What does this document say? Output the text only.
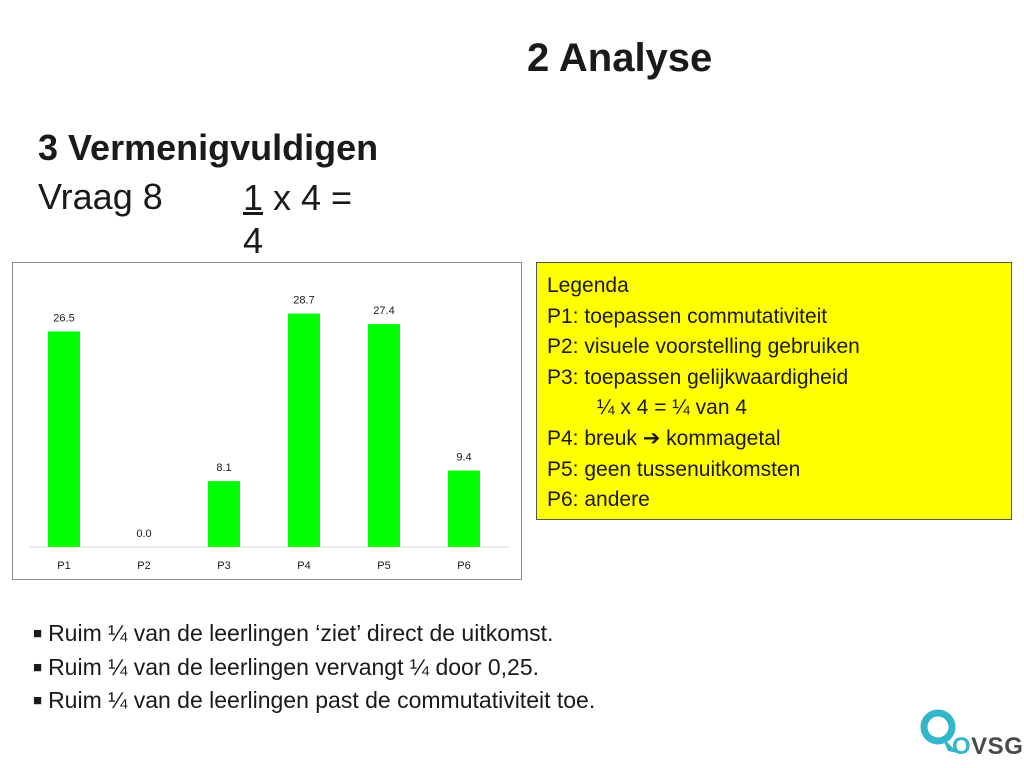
2 Analyse
3 Vermenigvuldigen
Vraag 8 1 x 4 =
4
26.5
P1
0.0
P2
8.1
P3
28.7
P4
27.4
P5
9.4
P6
Legenda
P1: toepassen commutativiteit
P2: visuele voorstelling gebruiken
P3: toepassen gelijkwaardigheid
¼ x 4 = ¼ van 4
P4: breuk ➔ kommagetal
P5: geen tussenuitkomsten
P6: andere
■ Ruim ¼ van de leerlingen ‘ziet’ direct de uitkomst.
■ Ruim ¼ van de leerlingen vervangt ¼ door 0,25.
■ Ruim ¼ van de leerlingen past de commutativiteit toe.
OVSG
